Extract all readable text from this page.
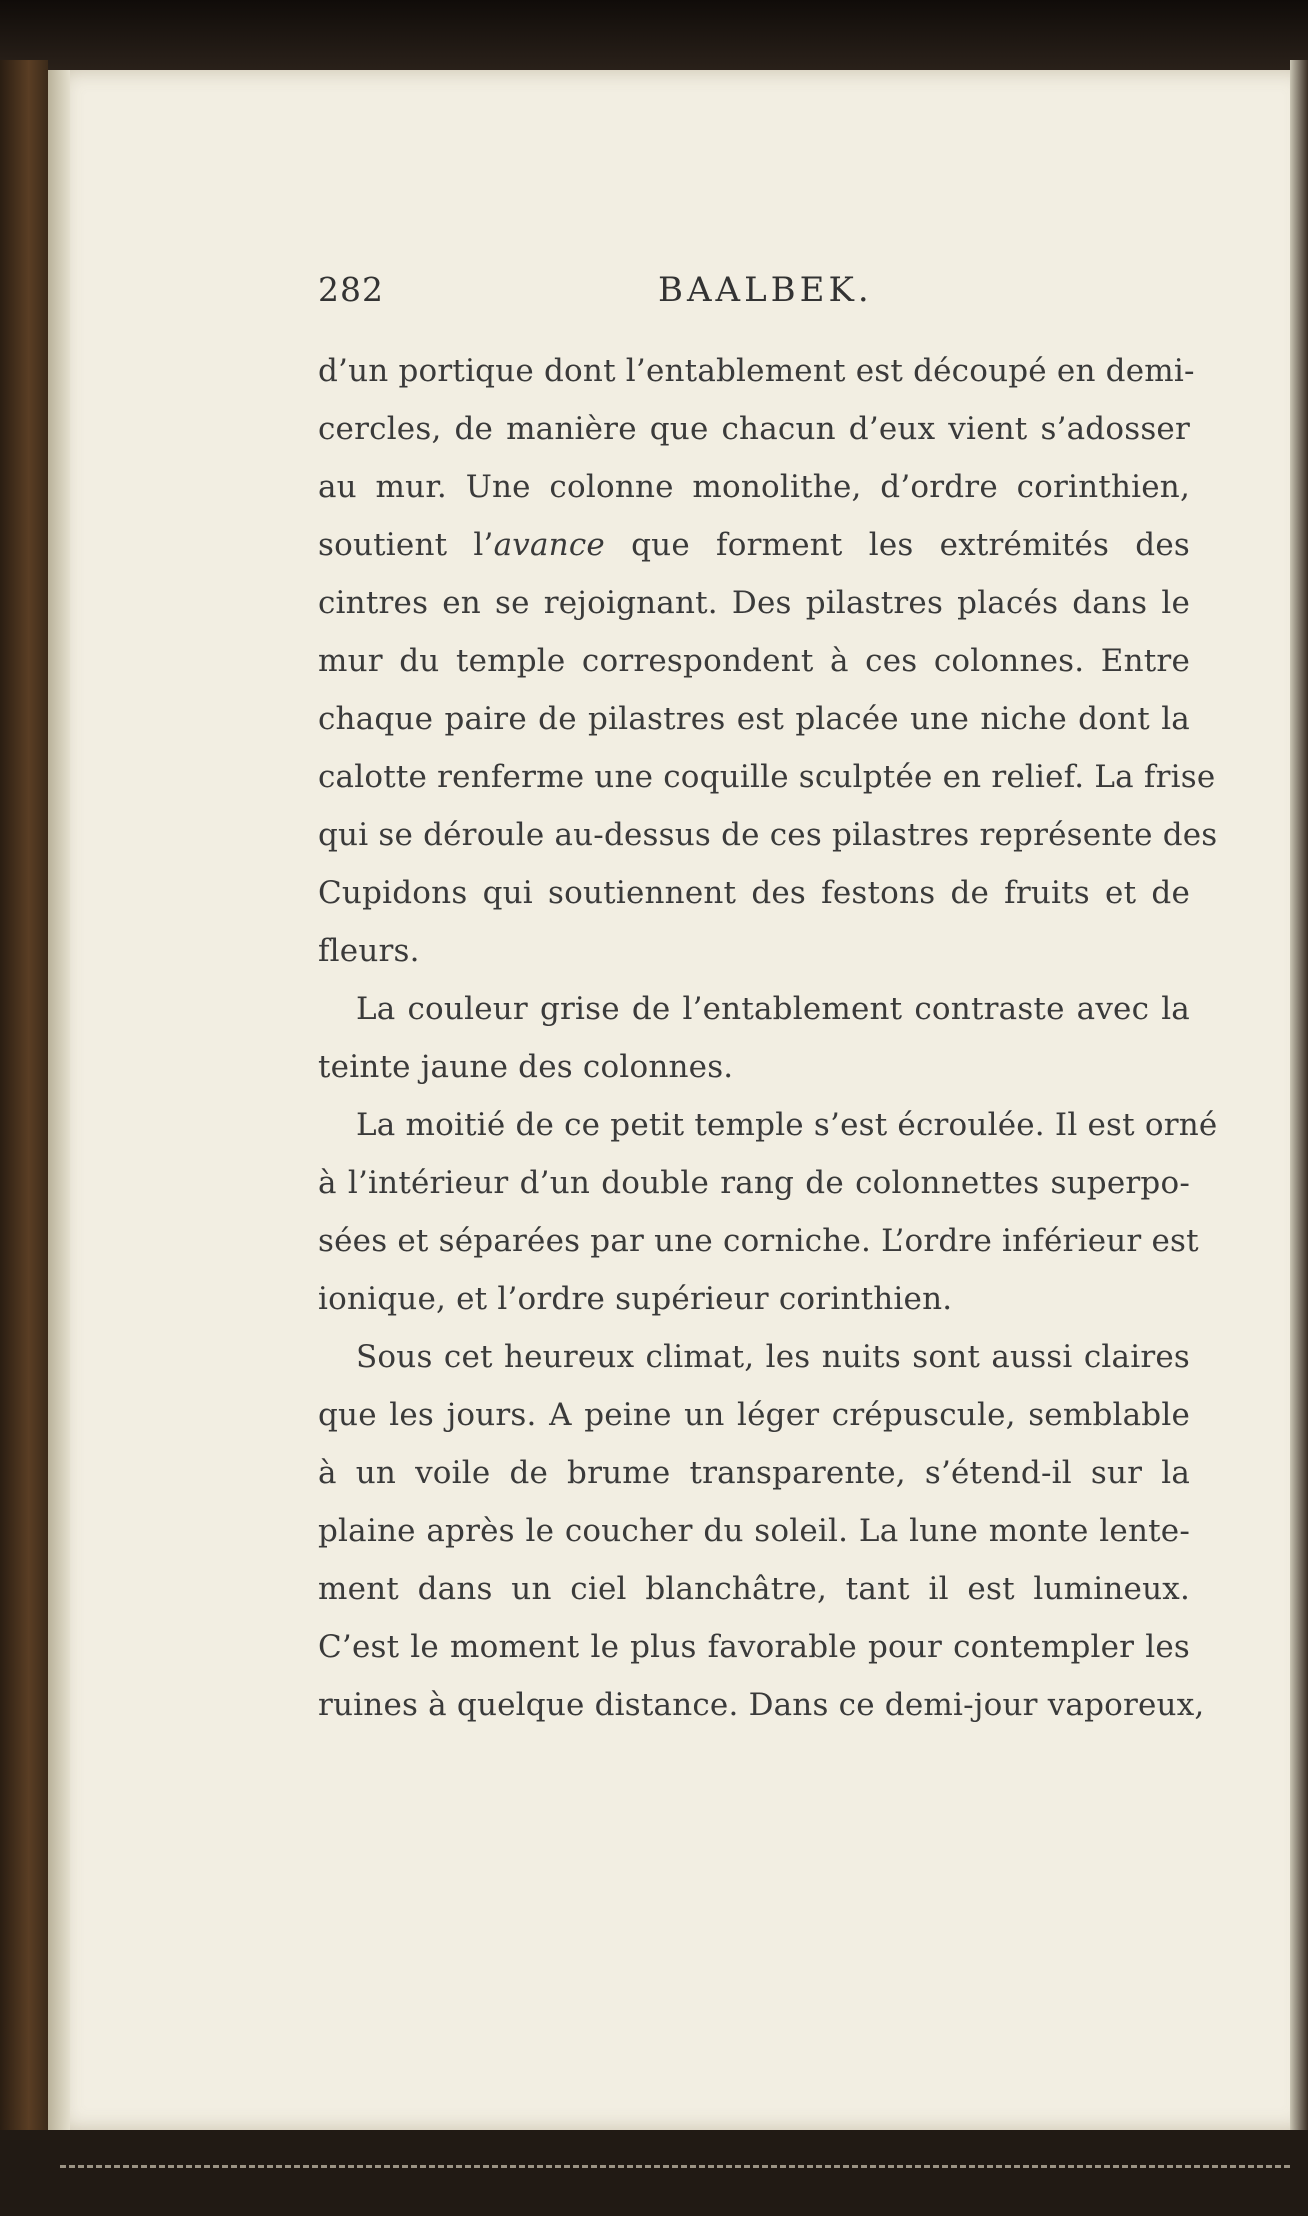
282	BAALBEK.
d’un portique dont l’entablement est découpé en demi-
cercles, de manière que chacun d’eux vient s’adosser
au mur. Une colonne monolithe, d’ordre corinthien,
soutient l’avance que forment les extrémités des
cintres en se rejoignant. Des pilastres placés dans le
mur du temple correspondent à ces colonnes. Entre
chaque paire de pilastres est placée une niche dont la
calotte renferme une coquille sculptée en relief. La frise
qui se déroule au-dessus de ces pilastres représente des
Cupidons qui soutiennent des festons de fruits et de
fleurs.
La couleur grise de l’entablement contraste avec la
teinte jaune des colonnes.
La moitié de ce petit temple s’est écroulée. Il est orné
à l’intérieur d’un double rang de colonnettes superpo-
sées et séparées par une corniche. L’ordre inférieur est
ionique, et l’ordre supérieur corinthien.
Sous cet heureux climat, les nuits sont aussi claires
que les jours. A peine un léger crépuscule, semblable
à un voile de brume transparente, s’étend-il sur la
plaine après le coucher du soleil. La lune monte lente-
ment dans un ciel blanchâtre, tant il est lumineux.
C’est le moment le plus favorable pour contempler les
ruines à quelque distance. Dans ce demi-jour vaporeux,
